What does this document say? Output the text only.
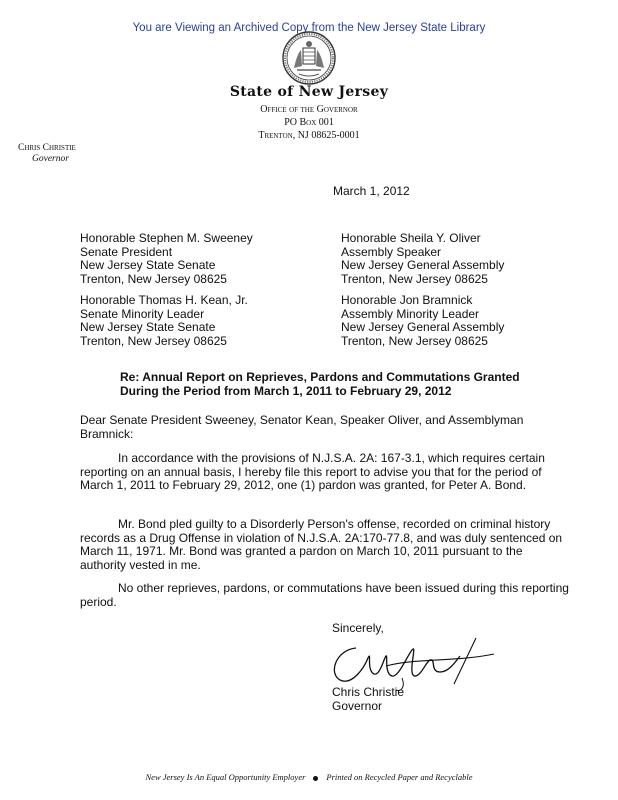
You are Viewing an Archived Copy from the New Jersey State Library
State of New Jersey
Office of the Governor
PO Box 001
Trenton, NJ 08625-0001
Chris Christie
Governor
March 1, 2012
Honorable Stephen M. Sweeney
Senate President
New Jersey State Senate
Trenton, New Jersey 08625
Honorable Sheila Y. Oliver
Assembly Speaker
New Jersey General Assembly
Trenton, New Jersey 08625
Honorable Thomas H. Kean, Jr.
Senate Minority Leader
New Jersey State Senate
Trenton, New Jersey 08625
Honorable Jon Bramnick
Assembly Minority Leader
New Jersey General Assembly
Trenton, New Jersey 08625
Re: Annual Report on Reprieves, Pardons and Commutations Granted
During the Period from March 1, 2011 to February 29, 2012
Dear Senate President Sweeney, Senator Kean, Speaker Oliver, and Assemblyman Bramnick:
In accordance with the provisions of N.J.S.A. 2A: 167-3.1, which requires certain reporting on an annual basis, I hereby file this report to advise you that for the period of March 1, 2011 to February 29, 2012, one (1) pardon was granted, for Peter A. Bond.
Mr. Bond pled guilty to a Disorderly Person's offense, recorded on criminal history records as a Drug Offense in violation of N.J.S.A. 2A:170-77.8, and was duly sentenced on March 11, 1971. Mr. Bond was granted a pardon on March 10, 2011 pursuant to the authority vested in me.
No other reprieves, pardons, or commutations have been issued during this reporting period.
Sincerely,
Chris Christie
Governor
New Jersey Is An Equal Opportunity Employer Printed on Recycled Paper and Recyclable
